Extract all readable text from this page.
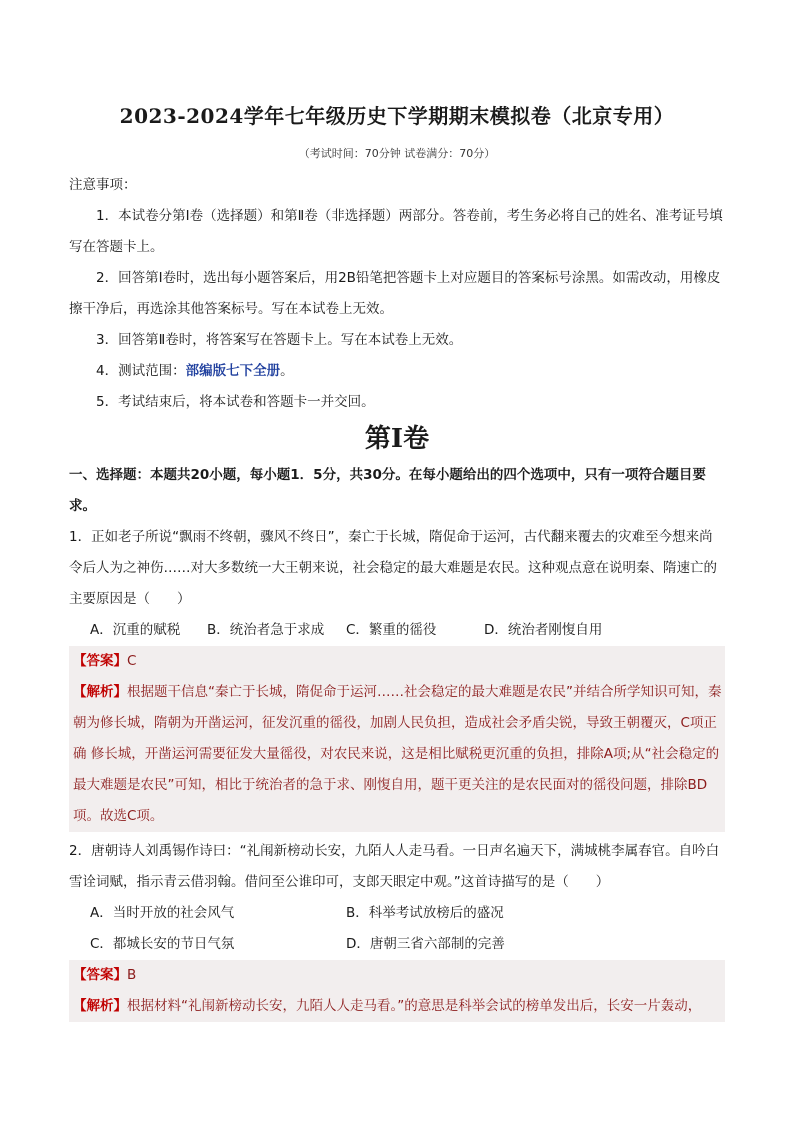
2023-2024学年七年级历史下学期期末模拟卷（北京专用）
（考试时间：70分钟 试卷满分：70分）

注意事项：

1．本试卷分第Ⅰ卷（选择题）和第Ⅱ卷（非选择题）两部分。答卷前，考生务必将自己的姓名、准考证号填写在答题卡上。

2．回答第Ⅰ卷时，选出每小题答案后，用2B铅笔把答题卡上对应题目的答案标号涂黑。如需改动，用橡皮擦干净后，再选涂其他答案标号。写在本试卷上无效。

3．回答第Ⅱ卷时，将答案写在答题卡上。写在本试卷上无效。

4．测试范围：部编版七下全册。

5．考试结束后，将本试卷和答题卡一并交回。

第Ⅰ卷

一、选择题：本题共20小题，每小题1．5分，共30分。在每小题给出的四个选项中，只有一项符合题目要求。

1．正如老子所说“飘雨不终朝，骤风不终日”，秦亡于长城，隋促命于运河，古代翻来覆去的灾难至今想来尚令后人为之神伤……对大多数统一大王朝来说，社会稳定的最大难题是农民。这种观点意在说明秦、隋速亡的主要原因是（　　）

A．沉重的赋税 B．统治者急于求成 C．繁重的徭役	D．统治者刚愎自用
【答案】C

【解析】根据题干信息“秦亡于长城，隋促命于运河……社会稳定的最大难题是农民”并结合所学知识可知，秦朝为修长城，隋朝为开凿运河，征发沉重的徭役，加剧人民负担，造成社会矛盾尖锐，导致王朝覆灭，C项正确 修长城，开凿运河需要征发大量徭役，对农民来说，这是相比赋税更沉重的负担，排除A项;从“社会稳定的最大难题是农民”可知，相比于统治者的急于求、刚愎自用，题干更关注的是农民面对的徭役问题，排除BD项。故选C项。

2．唐朝诗人刘禹锡作诗曰：“礼闱新榜动长安，九陌人人走马看。一日声名遍天下，满城桃李属春官。自吟白雪诠词赋，指示青云借羽翰。借问至公谁印可，支郎天眼定中观。”这首诗描写的是（　　）

A．当时开放的社会风气	B．科举考试放榜后的盛况
C．都城长安的节日气氛	D．唐朝三省六部制的完善
【答案】B

【解析】根据材料“礼闱新榜动长安，九陌人人走马看。”的意思是科举会试的榜单发出后，长安一片轰动，
